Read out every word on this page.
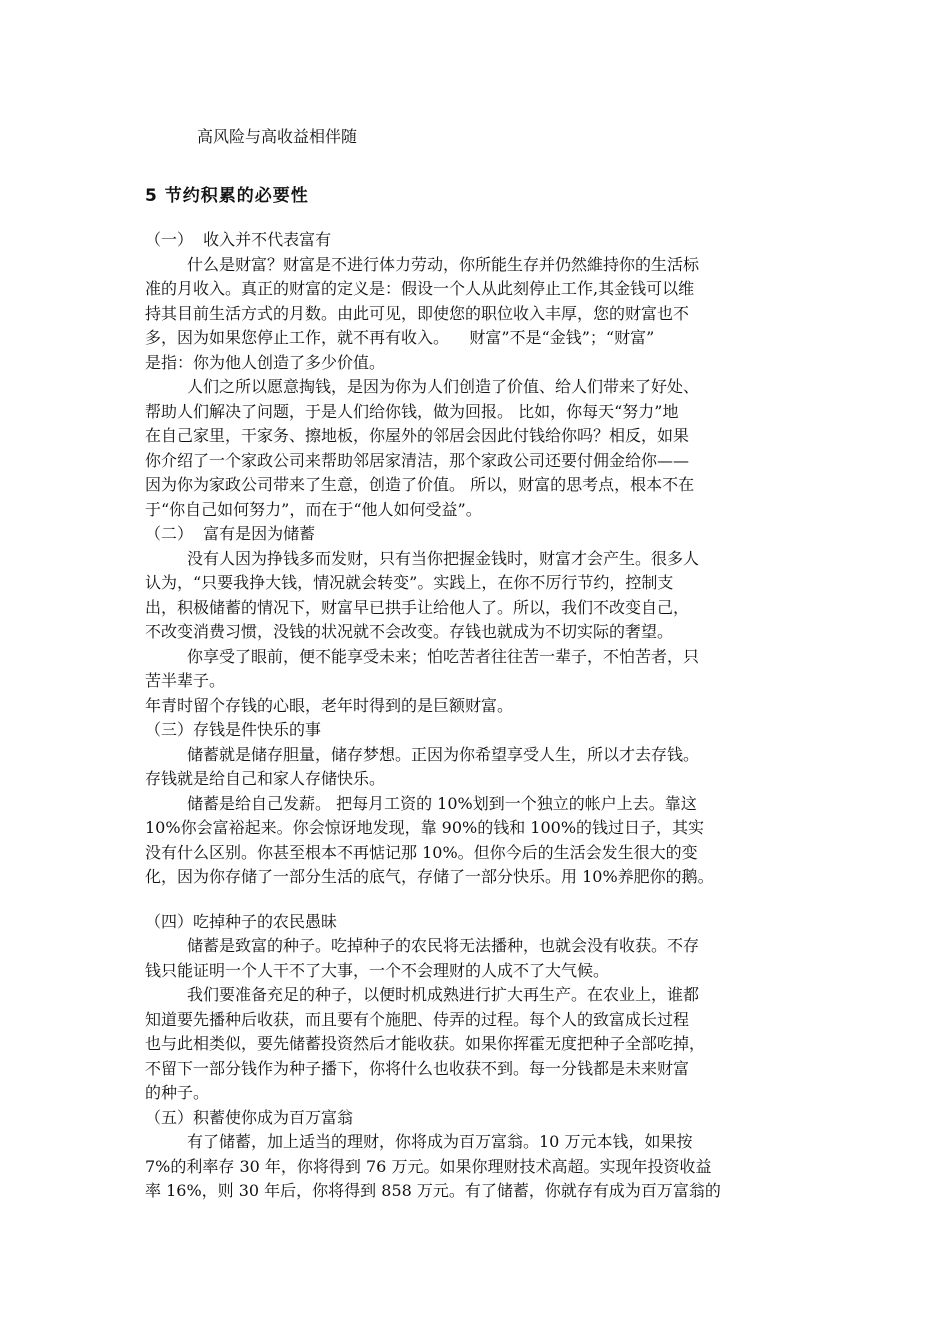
高风险与高收益相伴随
5 节约积累的必要性
（一）  收入并不代表富有
什么是财富？财富是不进行体力劳动，你所能生存并仍然維持你的生活标
准的月收入。真正的财富的定义是：假设一个人从此刻停止工作,其金钱可以维
持其目前生活方式的月数。由此可见，即使您的职位收入丰厚，您的财富也不
多，因为如果您停止工作，就不再有收入。    财富”不是“金钱”；“财富”
是指：你为他人创造了多少价值。
人们之所以愿意掏钱，是因为你为人们创造了价值、给人们带来了好处、
帮助人们解决了问题，于是人们给你钱，做为回报。 比如，你每天“努力”地
在自己家里，干家务、擦地板，你屋外的邻居会因此付钱给你吗？相反，如果
你介绍了一个家政公司来帮助邻居家清洁，那个家政公司还要付佣金给你——
因为你为家政公司带来了生意，创造了价值。 所以，财富的思考点，根本不在
于“你自己如何努力”，而在于“他人如何受益”。
（二）  富有是因为储蓄
没有人因为挣钱多而发财，只有当你把握金钱时，财富才会产生。很多人
认为，“只要我挣大钱，情况就会转变”。实践上，在你不厉行节约，控制支
出，积极储蓄的情况下，财富早已拱手让给他人了。所以，我们不改变自己，
不改变消费习惯，没钱的状况就不会改变。存钱也就成为不切实际的奢望。
你享受了眼前，便不能享受未来；怕吃苦者往往苦一辈子，不怕苦者，只
苦半辈子。
年青时留个存钱的心眼，老年时得到的是巨额财富。
（三）存钱是件快乐的事
储蓄就是储存胆量，储存梦想。正因为你希望享受人生，所以才去存钱。
存钱就是给自己和家人存储快乐。
储蓄是给自己发薪。 把每月工资的 10%划到一个独立的帐户上去。靠这
10%你会富裕起来。你会惊讶地发现，靠 90%的钱和 100%的钱过日子，其实
没有什么区别。你甚至根本不再惦记那 10%。但你今后的生活会发生很大的变
化，因为你存储了一部分生活的底气，存储了一部分快乐。用 10%养肥你的鹅。
（四）吃掉种子的农民愚昧
储蓄是致富的种子。吃掉种子的农民将无法播种，也就会没有收获。不存
钱只能证明一个人干不了大事，一个不会理财的人成不了大气候。
我们要准备充足的种子，以便时机成熟进行扩大再生产。在农业上，谁都
知道要先播种后收获，而且要有个施肥、侍弄的过程。每个人的致富成长过程
也与此相类似，要先储蓄投资然后才能收获。如果你挥霍无度把种子全部吃掉，
不留下一部分钱作为种子播下，你将什么也收获不到。每一分钱都是未来财富
的种子。
（五）积蓄使你成为百万富翁
有了储蓄，加上适当的理财，你将成为百万富翁。10 万元本钱，如果按
7%的利率存 30 年，你将得到 76 万元。如果你理财技术高超。实现年投资收益
率 16%，则 30 年后，你将得到 858 万元。有了储蓄，你就存有成为百万富翁的
